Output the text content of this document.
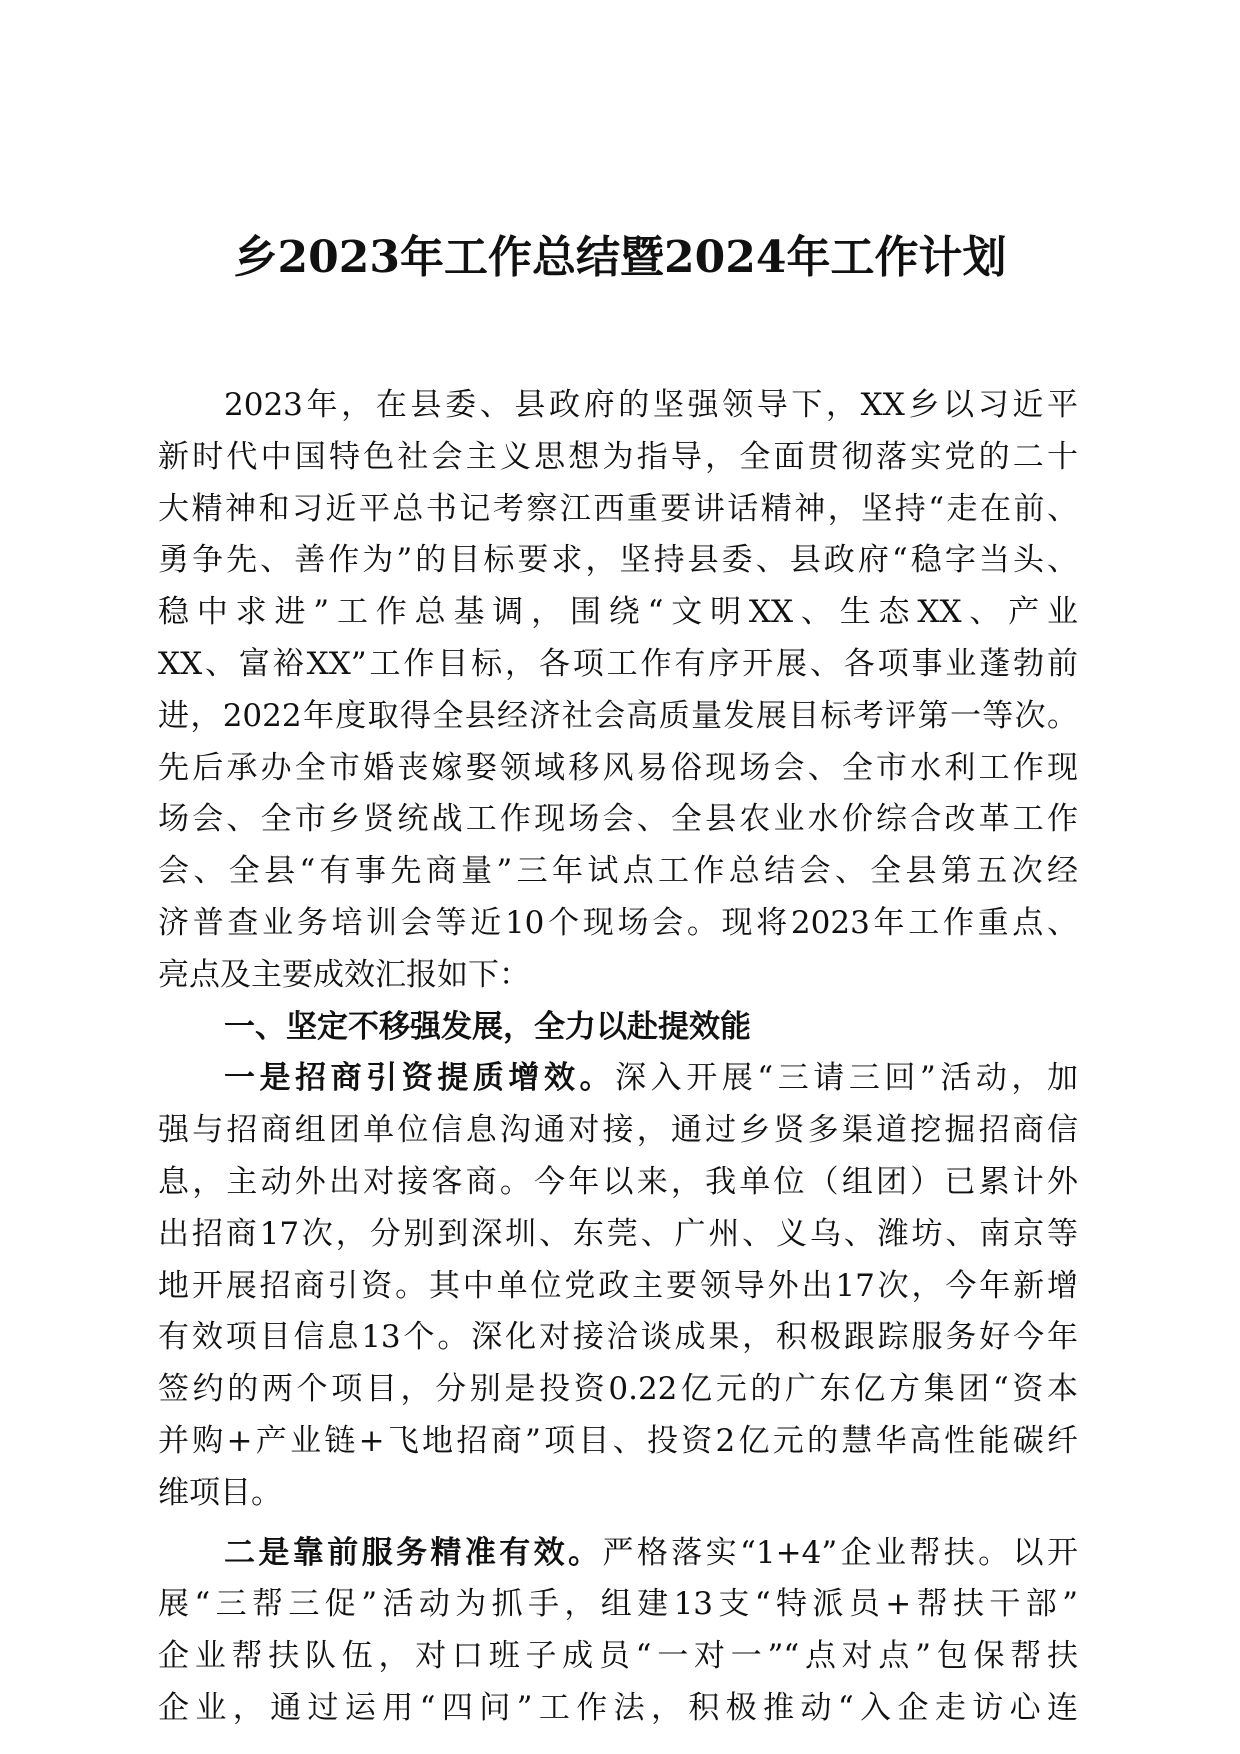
乡2023年工作总结暨2024年工作计划
2023年，在县委、县政府的坚强领导下，XX乡以习近平
新时代中国特色社会主义思想为指导，全面贯彻落实党的二十
大精神和习近平总书记考察江西重要讲话精神，坚持“走在前、
勇争先、善作为”的目标要求，坚持县委、县政府“稳字当头、
稳中求进”工作总基调，围绕“文明XX、生态XX、产业
XX、富裕XX”工作目标，各项工作有序开展、各项事业蓬勃前
进，2022年度取得全县经济社会高质量发展目标考评第一等次。
先后承办全市婚丧嫁娶领域移风易俗现场会、全市水利工作现
场会、全市乡贤统战工作现场会、全县农业水价综合改革工作
会、全县“有事先商量”三年试点工作总结会、全县第五次经
济普查业务培训会等近10个现场会。现将2023年工作重点、
亮点及主要成效汇报如下：
一、坚定不移强发展，全力以赴提效能
一是招商引资提质增效。深入开展“三请三回”活动，加
强与招商组团单位信息沟通对接，通过乡贤多渠道挖掘招商信
息，主动外出对接客商。今年以来，我单位（组团）已累计外
出招商17次，分别到深圳、东莞、广州、义乌、潍坊、南京等
地开展招商引资。其中单位党政主要领导外出17次，今年新增
有效项目信息13个。深化对接洽谈成果，积极跟踪服务好今年
签约的两个项目，分别是投资0.22亿元的广东亿方集团“资本
并购+产业链+飞地招商”项目、投资2亿元的慧华高性能碳纤
维项目。
二是靠前服务精准有效。严格落实“1+4”企业帮扶。以开
展“三帮三促”活动为抓手，组建13支“特派员+帮扶干部”
企业帮扶队伍，对口班子成员“一对一”“点对点”包保帮扶
企业，通过运用“四问”工作法，积极推动“入企走访心连
